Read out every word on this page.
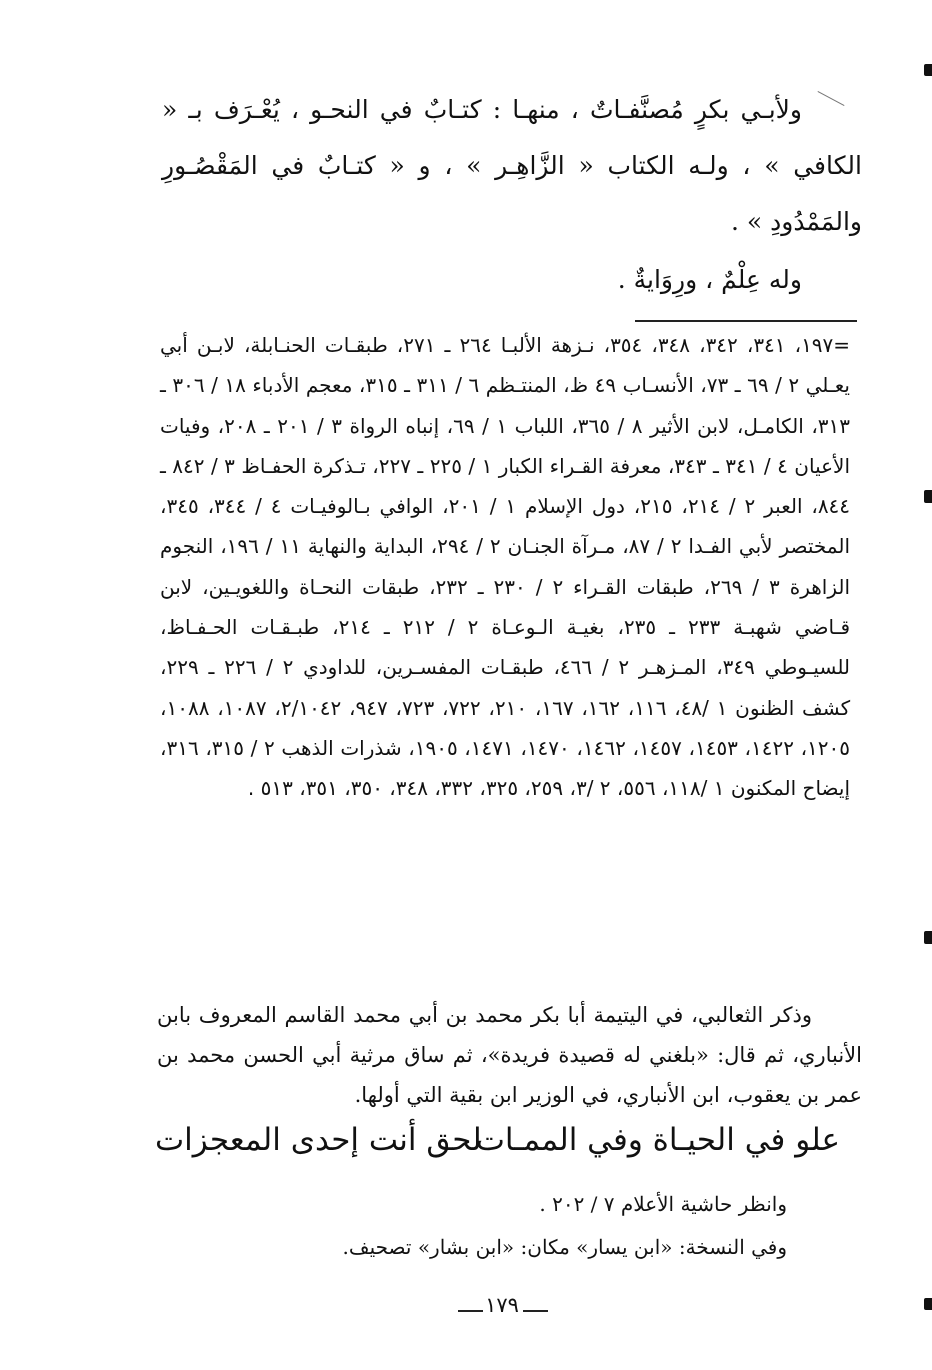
ولأبـي بكرٍ مُصنَّفـاتٌ ، منهـا : كتـابٌ في النحـو ، يُعْـرَف بـ « الكافي » ، ولـه الكتاب « الزَّاهِـر » ، و « كتـابٌ في المَقْصُـورِ والمَمْدُودِ » .

وله عِلْمٌ ، ورِوَايةٌ .

=١٩٧، ٣٤١، ٣٤٢، ٣٤٨، ٣٥٤، نـزهة الألبـا ٢٦٤ ـ ٢٧١، طبقـات الحنـابلة، لابـن أبي يعـلي ٢ / ٦٩ ـ ٧٣، الأنسـاب ٤٩ ظ، المنتـظم ٦ / ٣١١ ـ ٣١٥، معجم الأدباء ١٨ / ٣٠٦ ـ ٣١٣، الكامـل، لابن الأثير ٨ / ٣٦٥، اللباب ١ / ٦٩، إنباه الرواة ٣ / ٢٠١ ـ ٢٠٨، وفيات الأعيان ٤ / ٣٤١ ـ ٣٤٣، معرفة القـراء الكبار ١ / ٢٢٥ ـ ٢٢٧، تـذكرة الحفـاظ ٣ / ٨٤٢ ـ ٨٤٤، العبر ٢ / ٢١٤، ٢١٥، دول الإسلام ١ / ٢٠١، الوافي بـالوفيـات ٤ / ٣٤٤، ٣٤٥، المختصر لأبي الفـدا ٢ / ٨٧، مـرآة الجنـان ٢ / ٢٩٤، البداية والنهاية ١١ / ١٩٦، النجوم الزاهرة ٣ / ٢٦٩، طبقات القـراء ٢ / ٢٣٠ ـ ٢٣٢، طبقات النحـاة واللغويـين، لابن قـاضي شهبـة ٢٣٣ ـ ٢٣٥، بغيـة الـوعـاة ٢ / ٢١٢ ـ ٢١٤، طبـقـات الحـفـاظ، للسيـوطي ٣٤٩، المـزهـر ٢ / ٤٦٦، طبقـات المفسـرين، للداودي ٢ / ٢٢٦ ـ ٢٢٩، كشف الظنون ١ /٤٨، ١١٦، ١٦٢، ١٦٧، ٢١٠، ٧٢٢، ٧٢٣، ٩٤٧، ٢/١٠٤٢، ١٠٨٧، ١٠٨٨، ١٢٠٥، ١٤٢٢، ١٤٥٣، ١٤٥٧، ١٤٦٢، ١٤٧٠، ١٤٧١، ١٩٠٥، شذرات الذهب ٢ / ٣١٥، ٣١٦، إيضاح المكنون ١ /١١٨، ٥٥٦، ٢ /٣، ٢٥٩، ٣٢٥، ٣٣٢، ٣٤٨، ٣٥٠، ٣٥١، ٥١٣ .

وذكر الثعالبي، في اليتيمة أبا بكر محمد بن أبي محمد القاسم المعروف بابن الأنباري، ثم قال: «بلغني له قصيدة فريدة»، ثم ساق مرثية أبي الحسن محمد بن عمر بن يعقوب، ابن الأنباري، في الوزير ابن بقية التي أولها.

علو في الحيـاة وفي الممـات
لحق أنت إحدى المعجزات

وانظر حاشية الأعلام ٧ / ٢٠٢ .

وفي النسخة: «ابن يسار» مكان: «ابن بشار» تصحيف.

١٧٩
